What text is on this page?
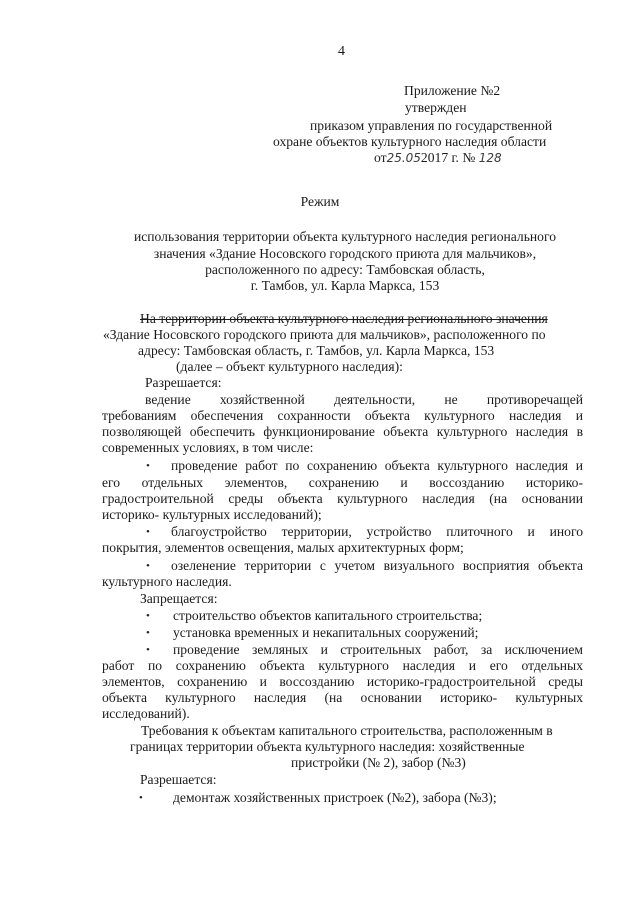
4
Приложение №2
утвержден
приказом управления по государственной
охране объектов культурного наследия области
от25.052017 г. № 128
Режим
использования территории объекта культурного наследия регионального
значения «Здание Носовского городского приюта для мальчиков»,
расположенного по адресу: Тамбовская область,
г. Тамбов, ул. Карла Маркса, 153
На территории объекта культурного наследия регионального значения
«Здание Носовского городского приюта для мальчиков», расположенного по
адресу: Тамбовская область, г. Тамбов, ул. Карла Маркса, 153
(далее – объект культурного наследия):
Разрешается:
ведение хозяйственной деятельности, не противоречащей
требованиям обеспечения сохранности объекта культурного наследия и
позволяющей обеспечить функционирование объекта культурного наследия в
современных условиях, в том числе:
• проведение работ по сохранению объекта культурного наследия и
его отдельных элементов, сохранению и воссозданию историко-
градостроительной среды объекта культурного наследия (на основании
историко- культурных исследований);
• благоустройство территории, устройство плиточного и иного
покрытия, элементов освещения, малых архитектурных форм;
• озеленение территории с учетом визуального восприятия объекта
культурного наследия.
Запрещается:
• строительство объектов капитального строительства;
• установка временных и некапитальных сооружений;
• проведение земляных и строительных работ, за исключением
работ по сохранению объекта культурного наследия и его отдельных
элементов, сохранению и воссозданию историко-градостроительной среды
объекта культурного наследия (на основании историко- культурных
исследований).
Требования к объектам капитального строительства, расположенным в
границах территории объекта культурного наследия: хозяйственные
пристройки (№ 2), забор (№3)
Разрешается:
• демонтаж хозяйственных пристроек (№2), забора (№3);
